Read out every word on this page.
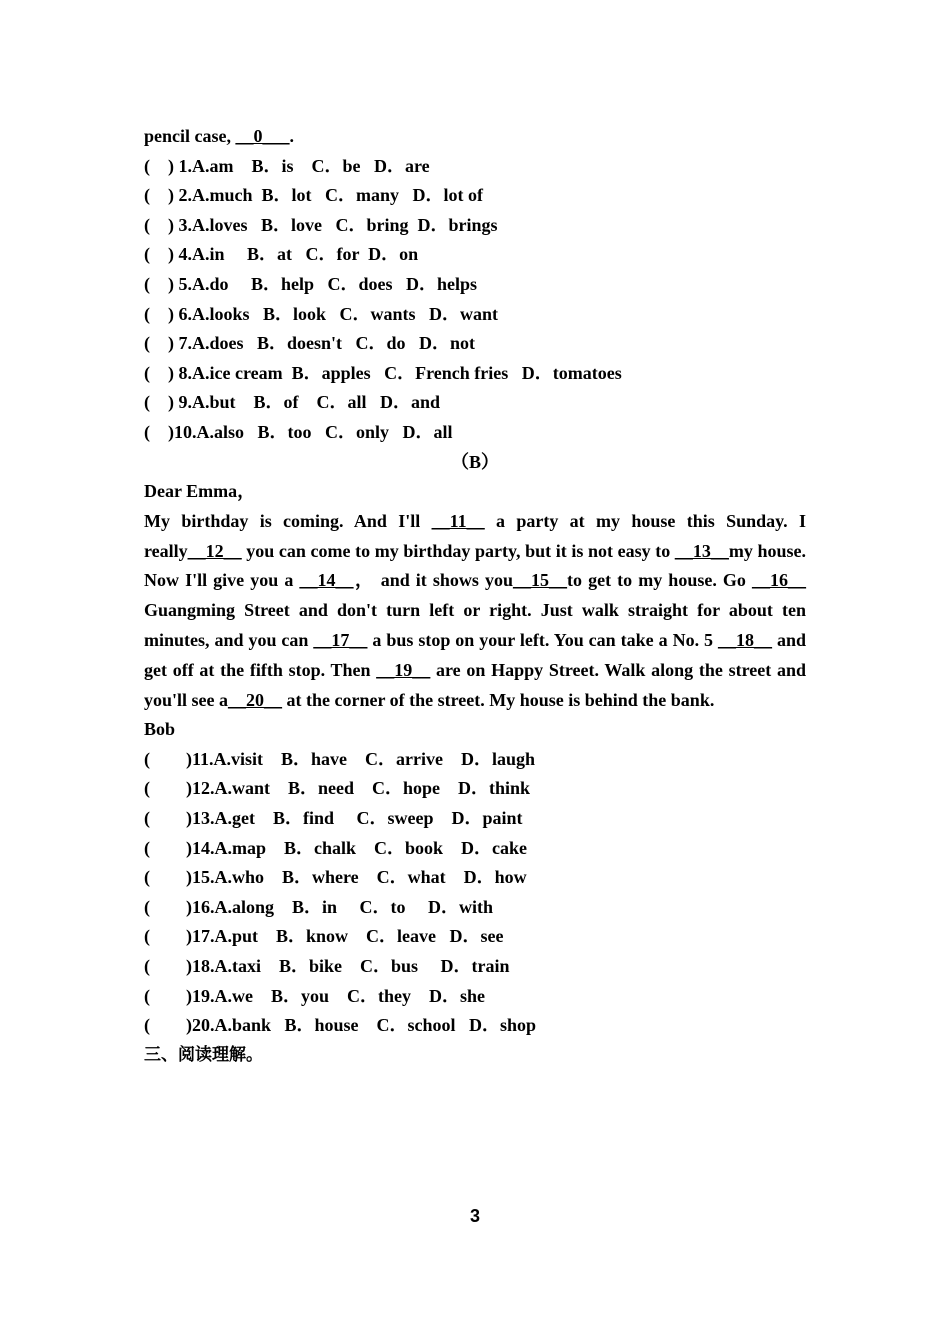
pencil case, __0___.
(    ) 1.A.am    B．is    C．be   D．are
(    ) 2.A.much  B．lot   C．many   D．lot of
(    ) 3.A.loves   B．love   C．bring  D．brings
(    ) 4.A.in     B．at   C．for  D．on
(    ) 5.A.do     B．help   C．does   D．helps
(    ) 6.A.looks   B．look   C．wants   D．want
(    ) 7.A.does   B．doesn't   C．do   D．not
(    ) 8.A.ice cream  B．apples   C．French fries   D．tomatoes
(    ) 9.A.but    B．of    C．all   D．and
(    )10.A.also   B．too   C．only   D．all
（B）
Dear Emma，
My birthday is coming. And I'll __11__ a party at my house this Sunday. I really__12__ you can come to my birthday party, but it is not easy to __13__my house. Now I'll give you a __14__， and it shows you__15__to get to my house. Go __16__ Guangming Street and don't turn left or right. Just walk straight for about ten minutes, and you can __17__ a bus stop on your left. You can take a No. 5 __18__ and get off at the fifth stop. Then __19__ are on Happy Street. Walk along the street and you'll see a__20__ at the corner of the street. My house is behind the bank.
Bob
(        )11.A.visit    B．have    C．arrive    D．laugh
(        )12.A.want    B．need    C．hope    D．think
(        )13.A.get    B．find     C．sweep    D．paint
(        )14.A.map    B．chalk    C．book    D．cake
(        )15.A.who    B．where    C．what    D．how
(        )16.A.along    B．in     C．to     D．with
(        )17.A.put    B．know    C．leave   D．see
(        )18.A.taxi    B．bike    C．bus     D．train
(        )19.A.we    B．you    C．they    D．she
(        )20.A.bank   B．house    C．school   D．shop
三、阅读理解。
3
